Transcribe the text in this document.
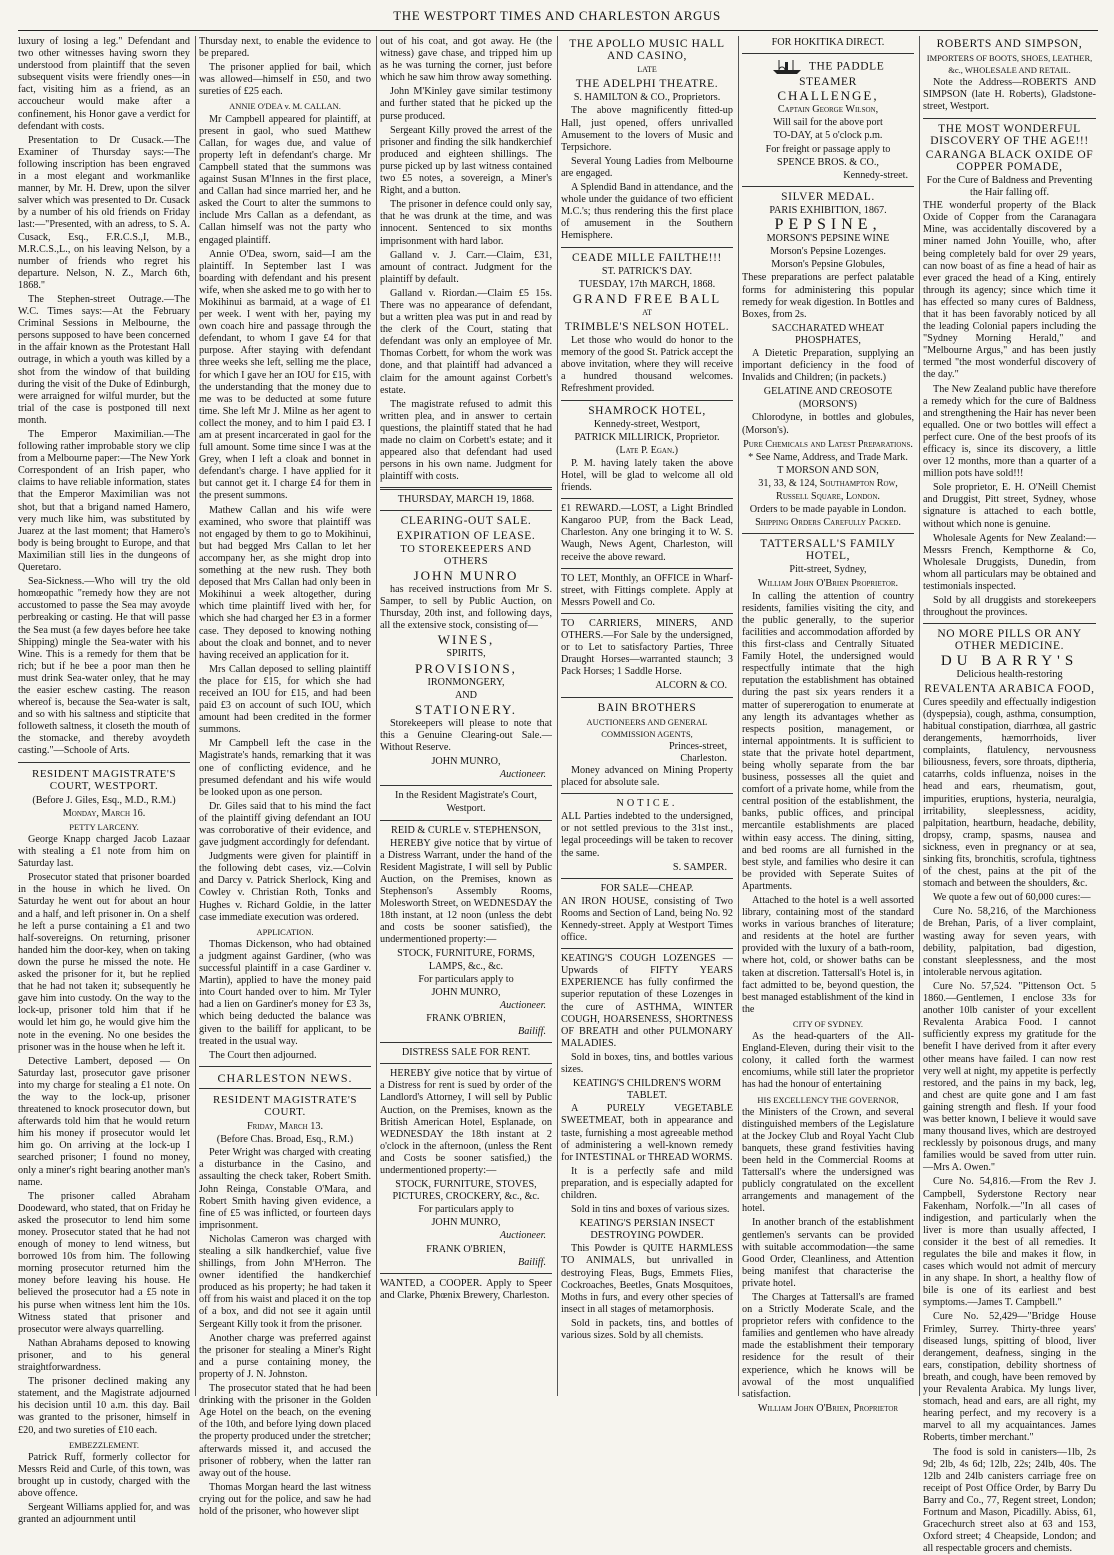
THE WESTPORT TIMES AND CHARLESTON ARGUS

luxury of losing a leg." Defendant and two other witnesses having sworn they understood from plaintiff that the seven subsequent visits were friendly ones—in fact, visiting him as a friend, as an accoucheur would make after a confinement, his Honor gave a verdict for defendant with costs.

Presentation to Dr Cusack.—The Examiner of Thursday says:—The following inscription has been engraved in a most elegant and workmanlike manner, by Mr. H. Drew, upon the silver salver which was presented to Dr. Cusack by a number of his old friends on Friday last:—"Presented, with an adress, to S. A. Cusack, Esq., F.R.C.S.,I, M.B., M.R.C.S.,L., on his leaving Nelson, by a number of friends who regret his departure. Nelson, N. Z., March 6th, 1868."

The Stephen-street Outrage.—The W.C. Times says:—At the February Criminal Sessions in Melbourne, the persons supposed to have been concerned in the affair known as the Protestant Hall outrage, in which a youth was killed by a shot from the window of that building during the visit of the Duke of Edinburgh, were arraigned for wilful murder, but the trial of the case is postponed till next month.

The Emperor Maximilian.—The following rather improbable story we clip from a Melbourne paper:—The New York Correspondent of an Irish paper, who claims to have reliable information, states that the Emperor Maximilian was not shot, but that a brigand named Hamero, very much like him, was substituted by Juarez at the last moment; that Hamero's body is being brought to Europe, and that Maximilian still lies in the dungeons of Queretaro.

Sea-Sickness.—Who will try the old homœopathic "remedy how they are not accustomed to passe the Sea may avoyde perbreaking or casting. He that will passe the Sea must (a few dayes before hee take Shipping) mingle the Sea-water with his Wine. This is a remedy for them that be rich; but if he bee a poor man then he must drink Sea-water onley, that he may the easier eschew casting. The reason whereof is, because the Sea-water is salt, and so with his saltness and stipticite that followeth saltness, it closeth the mouth of the stomacke, and thereby avoydeth casting."—Schoole of Arts.

RESIDENT MAGISTRATE'S COURT, WESTPORT.
(Before J. Giles, Esq., M.D., R.M.)
Monday, March 16.
PETTY LARCENY.

George Knapp charged Jacob Lazaar with stealing a £1 note from him on Saturday last.

Prosecutor stated that prisoner boarded in the house in which he lived. On Saturday he went out for about an hour and a half, and left prisoner in. On a shelf he left a purse containing a £1 and two half-sovereigns. On returning, prisoner handed him the door-key, when on taking down the purse he missed the note. He asked the prisoner for it, but he replied that he had not taken it; subsequently he gave him into custody. On the way to the lock-up, prisoner told him that if he would let him go, he would give him the note in the evening. No one besides the prisoner was in the house when he left it.

Detective Lambert, deposed — On Saturday last, prosecutor gave prisoner into my charge for stealing a £1 note. On the way to the lock-up, prisoner threatened to knock prosecutor down, but afterwards told him that he would return him his money if prosecutor would let him go. On arriving at the lock-up I searched prisoner; I found no money, only a miner's right bearing another man's name.

The prisoner called Abraham Doodeward, who stated, that on Friday he asked the prosecutor to lend him some money. Prosecutor stated that he had not enough of money to lend witness, but borrowed 10s from him. The following morning prosecutor returned him the money before leaving his house. He believed the prosecutor had a £5 note in his purse when witness lent him the 10s. Witness stated that prisoner and prosecutor were always quarrelling.

Nathan Abrahams deposed to knowing prisoner, and to his general straightforwardness.

The prisoner declined making any statement, and the Magistrate adjourned his decision until 10 a.m. this day. Bail was granted to the prisoner, himself in £20, and two sureties of £10 each.

EMBEZZLEMENT.

Patrick Ruff, formerly collector for Messrs Reid and Curle, of this town, was brought up in custody, charged with the above offence.

Sergeant Williams applied for, and was granted an adjournment until

Thursday next, to enable the evidence to be prepared.

The prisoner applied for bail, which was allowed—himself in £50, and two sureties of £25 each.

ANNIE O'DEA v. M. CALLAN.

Mr Campbell appeared for plaintiff, at present in gaol, who sued Matthew Callan, for wages due, and value of property left in defendant's charge. Mr Campbell stated that the summons was against Susan M'Innes in the first place, and Callan had since married her, and he asked the Court to alter the summons to include Mrs Callan as a defendant, as Callan himself was not the party who engaged plaintiff.

Annie O'Dea, sworn, said—I am the plaintiff. In September last I was boarding with defendant and his present wife, when she asked me to go with her to Mokihinui as barmaid, at a wage of £1 per week. I went with her, paying my own coach hire and passage through the defendant, to whom I gave £4 for that purpose. After staying with defendant three weeks she left, selling me the place, for which I gave her an IOU for £15, with the understanding that the money due to me was to be deducted at some future time. She left Mr J. Milne as her agent to collect the money, and to him I paid £3. I am at present incarcerated in gaol for the full amount. Some time since I was at the Grey, when I left a cloak and bonnet in defendant's charge. I have applied for it but cannot get it. I charge £4 for them in the present summons.

Mathew Callan and his wife were examined, who swore that plaintiff was not engaged by them to go to Mokihinui, but had begged Mrs Callan to let her accompany her, as she might drop into something at the new rush. They both deposed that Mrs Callan had only been in Mokihinui a week altogether, during which time plaintiff lived with her, for which she had charged her £3 in a former case. They deposed to knowing nothing about the cloak and bonnet, and to never having received an application for it.

Mrs Callan deposed to selling plaintiff the place for £15, for which she had received an IOU for £15, and had been paid £3 on account of such IOU, which amount had been credited in the former summons.

Mr Campbell left the case in the Magistrate's hands, remarking that it was one of conflicting evidence, and he presumed defendant and his wife would be looked upon as one person.

Dr. Giles said that to his mind the fact of the plaintiff giving defendant an IOU was corroborative of their evidence, and gave judgment accordingly for defendant.

Judgments were given for plaintiff in the following debt cases, viz.—Colvin and Darcy v. Patrick Sherlock, King and Cowley v. Christian Roth, Tonks and Hughes v. Richard Goldie, in the latter case immediate execution was ordered.

APPLICATION.

Thomas Dickenson, who had obtained a judgment against Gardiner, (who was successful plaintiff in a case Gardiner v. Martin), applied to have the money paid into Court handed over to him. Mr Tyler had a lien on Gardiner's money for £3 3s, which being deducted the balance was given to the bailiff for applicant, to be treated in the usual way.

The Court then adjourned.

CHARLESTON NEWS.
RESIDENT MAGISTRATE'S COURT.
Friday, March 13.
(Before Chas. Broad, Esq., R.M.)

Peter Wright was charged with creating a disturbance in the Casino, and assaulting the check taker, Robert Smith. John Reinga, Constable O'Mara, and Robert Smith having given evidence, a fine of £5 was inflicted, or fourteen days imprisonment.

Nicholas Cameron was charged with stealing a silk handkerchief, value five shillings, from John M'Herron. The owner identified the handkerchief produced as his property; he had taken it off from his waist and placed it on the top of a box, and did not see it again until Sergeant Killy took it from the prisoner.

Another charge was preferred against the prisoner for stealing a Miner's Right and a purse containing money, the property of J. N. Johnston.

The prosecutor stated that he had been drinking with the prisoner in the Golden Age Hotel on the beach, on the evening of the 10th, and before lying down placed the property produced under the stretcher; afterwards missed it, and accused the prisoner of robbery, when the latter ran away out of the house.

Thomas Morgan heard the last witness crying out for the police, and saw he had hold of the prisoner, who however slipt

out of his coat, and got away. He (the witness) gave chase, and tripped him up as he was turning the corner, just before which he saw him throw away something.

John M'Kinley gave similar testimony and further stated that he picked up the purse produced.

Sergeant Killy proved the arrest of the prisoner and finding the silk handkerchief produced and eighteen shillings. The purse picked up by last witness contained two £5 notes, a sovereign, a Miner's Right, and a button.

The prisoner in defence could only say, that he was drunk at the time, and was innocent. Sentenced to six months imprisonment with hard labor.

Galland v. J. Carr.—Claim, £31, amount of contract. Judgment for the plaintiff by default.

Galland v. Riordan.—Claim £5 15s. There was no appearance of defendant, but a written plea was put in and read by the clerk of the Court, stating that defendant was only an employee of Mr. Thomas Corbett, for whom the work was done, and that plaintiff had advanced a claim for the amount against Corbett's estate.

The magistrate refused to admit this written plea, and in answer to certain questions, the plaintiff stated that he had made no claim on Corbett's estate; and it appeared also that defendant had used persons in his own name. Judgment for plaintiff with costs.

THURSDAY, MARCH 19, 1868.
CLEARING-OUT SALE.
EXPIRATION OF LEASE.
TO STOREKEEPERS AND OTHERS
JOHN MUNRO

has received instructions from Mr S. Samper, to sell by Public Auction, on Thursday, 20th inst, and following days, all the extensive stock, consisting of—

WINES,
SPIRITS,
PROVISIONS,
IRONMONGERY,
AND
STATIONERY.

Storekeepers will please to note that this a Genuine Clearing-out Sale.—Without Reserve.

JOHN MUNRO,
Auctioneer.
In the Resident Magistrate's Court,
Westport.
REID & CURLE v. STEPHENSON,

HEREBY give notice that by virtue of a Distress Warrant, under the hand of the Resident Magistrate, I will sell by Public Auction, on the Premises, known as Stephenson's Assembly Rooms, Molesworth Street, on WEDNESDAY the 18th instant, at 12 noon (unless the debt and costs be sooner satisfied), the undermentioned property:—

STOCK, FURNITURE, FORMS, LAMPS, &c., &c.
For particulars apply to
JOHN MUNRO,
Auctioneer.
FRANK O'BRIEN,
Bailiff.
DISTRESS SALE FOR RENT.

HEREBY give notice that by virtue of a Distress for rent is sued by order of the Landlord's Attorney, I will sell by Public Auction, on the Premises, known as the British American Hotel, Esplanade, on WEDNESDAY the 18th instant at 2 o'clock in the afternoon, (unless the Rent and Costs be sooner satisfied,) the undermentioned property:—

STOCK, FURNITURE, STOVES, PICTURES, CROCKERY, &c., &c.
For particulars apply to
JOHN MUNRO,
Auctioneer.
FRANK O'BRIEN,
Bailiff.

WANTED, a COOPER. Apply to Speer and Clarke, Phœnix Brewery, Charleston.

THE APOLLO MUSIC HALL AND CASINO,
LATE
THE ADELPHI THEATRE.
S. HAMILTON & CO., Proprietors.

The above magnificently fitted-up Hall, just opened, offers unrivalled Amusement to the lovers of Music and Terpsichore.

Several Young Ladies from Melbourne are engaged.

A Splendid Band in attendance, and the whole under the guidance of two efficient M.C.'s; thus rendering this the first place of amusement in the Southern Hemisphere.

CEADE MILLE FAILTHE!!!
ST. PATRICK'S DAY.
TUESDAY, 17th MARCH, 1868.
GRAND FREE BALL
AT
TRIMBLE'S NELSON HOTEL.

Let those who would do honor to the memory of the good St. Patrick accept the above invitation, where they will receive a hundred thousand welcomes. Refreshment provided.

SHAMROCK HOTEL,
Kennedy-street, Westport,
PATRICK MILLIRICK, Proprietor.
(Late P. Egan.)

P. M. having lately taken the above Hotel, will be glad to welcome all old friends.

£1 REWARD.—LOST, a Light Brindled Kangaroo PUP, from the Back Lead, Charleston. Any one bringing it to W. S. Waugh, News Agent, Charleston, will receive the above reward.

TO LET, Monthly, an OFFICE in Wharf-street, with Fittings complete. Apply at Messrs Powell and Co.

TO CARRIERS, MINERS, AND OTHERS.—For Sale by the undersigned, or to Let to satisfactory Parties, Three Draught Horses—warranted staunch; 3 Pack Horses; 1 Saddle Horse.

ALCORN & CO.
BAIN BROTHERS
AUCTIONEERS AND GENERAL COMMISSION AGENTS,
Princes-street,
Charleston.

Money advanced on Mining Property placed for absolute sale.

NOTICE.

ALL Parties indebted to the undersigned, or not settled previous to the 31st inst., legal proceedings will be taken to recover the same.

S. SAMPER.
FOR SALE—CHEAP.

AN IRON HOUSE, consisting of Two Rooms and Section of Land, being No. 92 Kennedy-street. Apply at Westport Times office.

KEATING'S COUGH LOZENGES —Upwards of FIFTY YEARS EXPERIENCE has fully confirmed the superior reputation of these Lozenges in the cure of ASTHMA, WINTER COUGH, HOARSENESS, SHORTNESS OF BREATH and other PULMONARY MALADIES.

Sold in boxes, tins, and bottles various sizes.

KEATING'S CHILDREN'S WORM TABLET.

A PURELY VEGETABLE SWEETMEAT, both in appearance and taste, furnishing a most agreeable method of administering a well-known remedy for INTESTINAL or THREAD WORMS.

It is a perfectly safe and mild preparation, and is especially adapted for children.

Sold in tins and boxes of various sizes.

KEATING'S PERSIAN INSECT DESTROYING POWDER.

This Powder is QUITE HARMLESS TO ANIMALS, but unrivalled in destroying Fleas, Bugs, Emmets Flies, Cockroaches, Beetles, Gnats Mosquitoes, Moths in furs, and every other species of insect in all stages of metamorphosis.

Sold in packets, tins, and bottles of various sizes. Sold by all chemists.

FOR HOKITIKA DIRECT.
THE PADDLE STEAMER
CHALLENGE,
Captain George Wilson,
Will sail for the above port
TO-DAY, at 5 o'clock p.m.
For freight or passage apply to
SPENCE BROS. & CO.,
Kennedy-street.
SILVER MEDAL.
PARIS EXHIBITION, 1867.
PEPSINE,
MORSON'S PEPSINE WINE
Morson's Pepsine Lozenges.
Morson's Pepsine Globules,

These preparations are perfect palatable forms for administering this popular remedy for weak digestion. In Bottles and Boxes, from 2s.

SACCHARATED WHEAT PHOSPHATES,

A Dietetic Preparation, supplying an important deficiency in the food of Invalids and Children; (in packets.)

GELATINE AND CREOSOTE
(MORSON'S)

Chlorodyne, in bottles and globules, (Morson's).

Pure Chemicals and Latest Preparations.
* See Name, Address, and Trade Mark.
T MORSON AND SON,
31, 33, & 124, Southampton Row,
Russell Square, London.
Orders to be made payable in London.
Shipping Orders Carefully Packed.
TATTERSALL'S FAMILY HOTEL,
Pitt-street, Sydney,
William John O'Brien Proprietor.

In calling the attention of country residents, families visiting the city, and the public generally, to the superior facilities and accommodation afforded by this first-class and Centrally Situated Family Hotel, the undersigned would respectfully intimate that the high reputation the establishment has obtained during the past six years renders it a matter of supererogation to enumerate at any length its advantages whether as respects position, management, or internal appointments. It is sufficient to state that the private hotel department, being wholly separate from the bar business, possesses all the quiet and comfort of a private home, while from the central position of the establishment, the banks, public offices, and principal mercantile establishments are placed within easy access. The dining, sitting, and bed rooms are all furnished in the best style, and families who desire it can be provided with Seperate Suites of Apartments.

Attached to the hotel is a well assorted library, containing most of the standard works in various branches of literature; and residents at the hotel are further provided with the luxury of a bath-room, where hot, cold, or shower baths can be taken at discretion. Tattersall's Hotel is, in fact admitted to be, beyond question, the best managed establishment of the kind in the

CITY OF SYDNEY.

As the head-quarters of the All-England-Eleven, during their visit to the colony, it called forth the warmest encomiums, while still later the proprietor has had the honour of entertaining

HIS EXCELLENCY THE GOVERNOR,

the Ministers of the Crown, and several distinguished members of the Legislature at the Jockey Club and Royal Yacht Club banquets, these grand festivities having been held in the Commercial Rooms at Tattersall's where the undersigned was publicly congratulated on the excellent arrangements and management of the hotel.

In another branch of the establishment gentlemen's servants can be provided with suitable accommodation—the same Good Order, Cleanliness, and Attention being manifest that characterise the private hotel.

The Charges at Tattersall's are framed on a Strictly Moderate Scale, and the proprietor refers with confidence to the families and gentlemen who have already made the establishment their temporary residence for the result of their experience, which he knows will be avowal of the most unqualified satisfaction.

William John O'Brien, Proprietor
ROBERTS AND SIMPSON,
IMPORTERS OF BOOTS, SHOES, LEATHER, &c., WHOLESALE AND RETAIL.

Note the Address—ROBERTS AND SIMPSON (late H. Roberts), Gladstone-street, Westport.

THE MOST WONDERFUL DISCOVERY OF THE AGE!!!
CARANGA BLACK OXIDE OF COPPER POMADE,
For the Cure of Baldness and Preventing the Hair falling off.

THE wonderful property of the Black Oxide of Copper from the Caranagara Mine, was accidentally discovered by a miner named John Youille, who, after being completely bald for over 29 years, can now boast of as fine a head of hair as ever graced the head of a King, entirely through its agency; since which time it has effected so many cures of Baldness, that it has been favorably noticed by all the leading Colonial papers including the "Sydney Morning Herald," and "Melbourne Argus," and has been justly termed "the most wonderful discovery of the day."

The New Zealand public have therefore a remedy which for the cure of Baldness and strengthening the Hair has never been equalled. One or two bottles will effect a perfect cure. One of the best proofs of its efficacy is, since its discovery, a little over 12 months, more than a quarter of a million pots have sold!!!

Sole proprietor, E. H. O'Neill Chemist and Druggist, Pitt street, Sydney, whose signature is attached to each bottle, without which none is genuine.

Wholesale Agents for New Zealand:—Messrs French, Kempthorne & Co, Wholesale Druggists, Dunedin, from whom all particulars may be obtained and testimonials inspected.

Sold by all druggists and storekeepers throughout the provinces.

NO MORE PILLS OR ANY OTHER MEDICINE.
DU BARRY'S
Delicious health-restoring
REVALENTA ARABICA FOOD,

Cures speedily and effectually indigestion (dyspepsia), cough, asthma, consumption, habitual constipation, diarrhœa, all gastric derangements, hæmorrhoids, liver complaints, flatulency, nervousness biliousness, fevers, sore throats, diptheria, catarrhs, colds influenza, noises in the head and ears, rheumatism, gout, impurities, eruptions, hysteria, neuralgia, irritability, sleeplessness, acidity, palpitation, heartburn, headache, debility, dropsy, cramp, spasms, nausea and sickness, even in pregnancy or at sea, sinking fits, bronchitis, scrofula, tightness of the chest, pains at the pit of the stomach and between the shoulders, &c.

We quote a few out of 60,000 cures:—

Cure No. 58,216, of the Marchioness de Brehan, Paris, of a liver complaint, wasting away for seven years, with debility, palpitation, bad digestion, constant sleeplessness, and the most intolerable nervous agitation.

Cure No. 57,524. "Pittenson Oct. 5 1860.—Gentlemen, I enclose 33s for another 10lb canister of your excellent Revalenta Arabica Food. I cannot sufficiently express my gratitude for the benefit I have derived from it after every other means have failed. I can now rest very well at night, my appetite is perfectly restored, and the pains in my back, leg, and chest are quite gone and I am fast gaining strength and flesh. If your food was better known, I believe it would save many thousand lives, which are destroyed recklessly by poisonous drugs, and many families would be saved from utter ruin.—Mrs A. Owen."

Cure No. 54,816.—From the Rev J. Campbell, Syderstone Rectory near Fakenham, Norfolk.—"In all cases of indigestion, and particularly when the liver is more than usually affected, I consider it the best of all remedies. It regulates the bile and makes it flow, in cases which would not admit of mercury in any shape. In short, a healthy flow of bile is one of its earliest and best symptoms.—James T. Campbell."

Cure No. 52,429—"Bridge House Frimley, Surrey. Thirty-three years' diseased lungs, spitting of blood, liver derangement, deafness, singing in the ears, constipation, debility shortness of breath, and cough, have been removed by your Revalenta Arabica. My lungs liver, stomach, head and ears, are all right, my hearing perfect, and my recovery is a marvel to all my acquaintances. James Roberts, timber merchant."

The food is sold in canisters—1lb, 2s 9d; 2lb, 4s 6d; 12lb, 22s; 24lb, 40s. The 12lb and 24lb canisters carriage free on receipt of Post Office Order, by Barry Du Barry and Co., 77, Regent street, London; Fortnum and Mason, Picadilly. Abiss, 61, Gracechurch street also at 63 and 153, Oxford street; 4 Cheapside, London; and all respectable grocers and chemists.
